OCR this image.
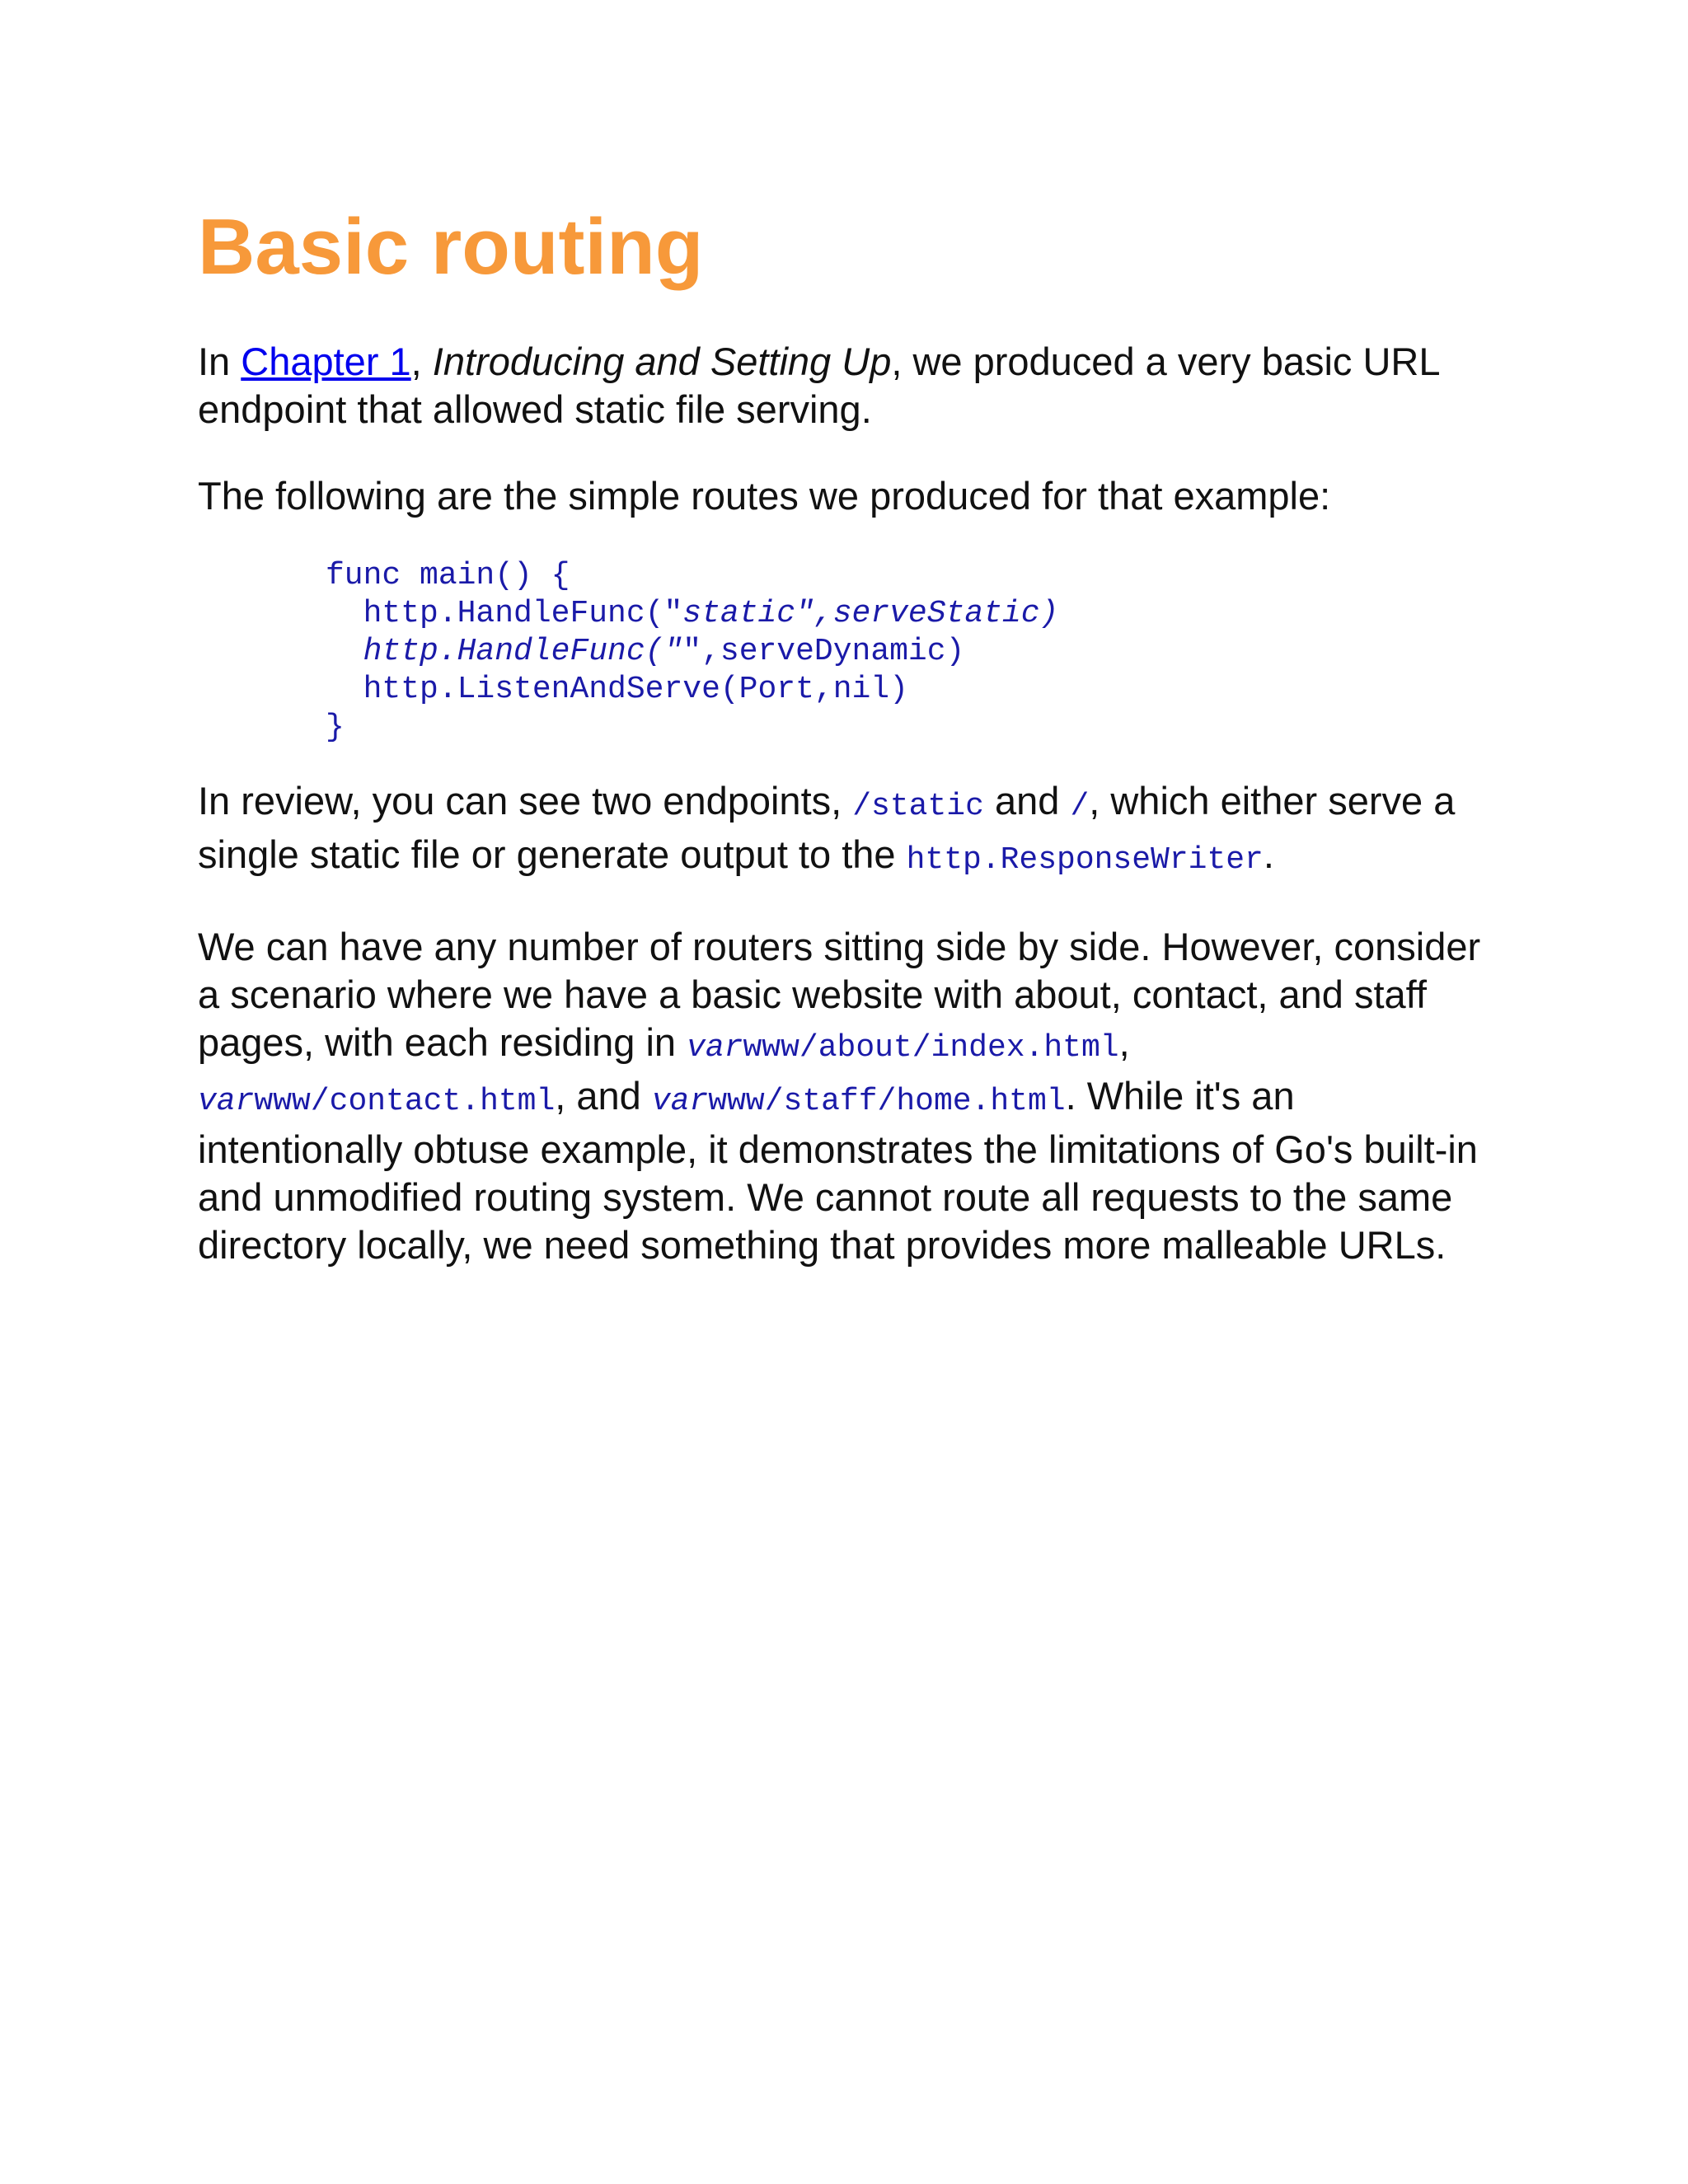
Basic routing

In Chapter 1, Introducing and Setting Up, we produced a very basic URL endpoint that allowed static file serving.

The following are the simple routes we produced for that example:

func main() {
http.HandleFunc("static",serveStatic)
http.HandleFunc("",serveDynamic)
http.ListenAndServe(Port,nil)
}

In review, you can see two endpoints, /static and /, which either serve a single static file or generate output to the http.ResponseWriter.

We can have any number of routers sitting side by side. However, consider a scenario where we have a basic website with about, contact, and staff pages, with each residing in varwww/about/index.html, varwww/contact.html, and varwww/staff/home.html. While it's an intentionally obtuse example, it demonstrates the limitations of Go's built-in and unmodified routing system. We cannot route all requests to the same directory locally, we need something that provides more malleable URLs.
